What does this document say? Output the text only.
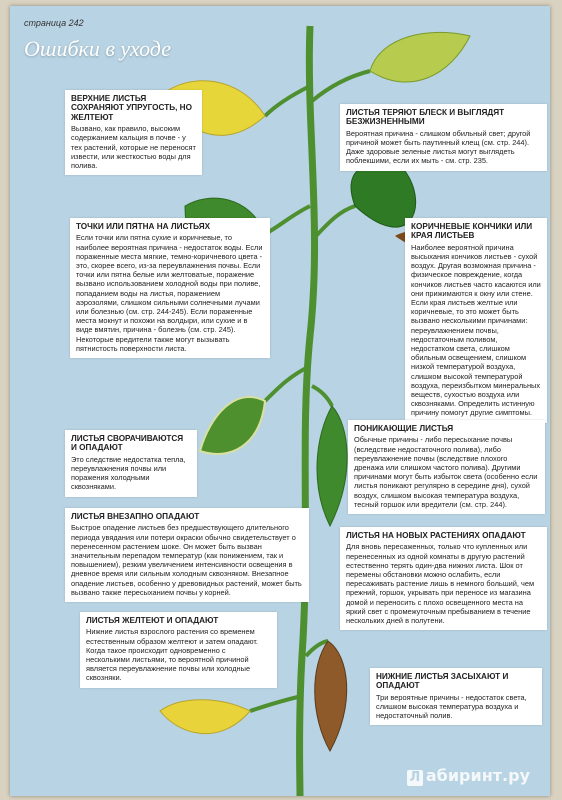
страница 242
Ошибки в уходе
ВЕРХНИЕ ЛИСТЬЯ СОХРАНЯЮТ УПРУГОСТЬ, НО ЖЕЛТЕЮТ

Вызвано, как правило, высоким содержанием кальция в почве - у тех растений, которые не переносят извести, или жесткостью воды для полива.

ЛИСТЬЯ ТЕРЯЮТ БЛЕСК И ВЫГЛЯДЯТ БЕЗЖИЗНЕННЫМИ

Вероятная причина - слишком обильный свет; другой причиной может быть паутинный клещ (см. стр. 244). Даже здоровые зеленые листья могут выглядеть поблекшими, если их мыть - см. стр. 235.

ТОЧКИ ИЛИ ПЯТНА НА ЛИСТЬЯХ

Если точки или пятна сухие и коричневые, то наиболее вероятная причина - недостаток воды. Если пораженные места мягкие, темно-коричневого цвета - это, скорее всего, из-за переувлажнения почвы. Если точки или пятна белые или желтоватые, поражение вызвано использованием холодной воды при поливе, попаданием воды на листья, поражением аэрозолями, слишком сильными солнечными лучами или болезнью (см. стр. 244-245). Если пораженные места мокнут и похожи на волдыри, или сухие и в виде вмятин, причина - болезнь (см. стр. 245). Некоторые вредители также могут вызывать пятнистость поверхности листа.

КОРИЧНЕВЫЕ КОНЧИКИ ИЛИ КРАЯ ЛИСТЬЕВ

Наиболее вероятной причина высыхания кончиков листьев - сухой воздух. Другая возможная причина - физическое повреждение, когда кончиков листьев часто касаются или они прижимаются к окну или стене. Если края листьев желтые или коричневые, то это может быть вызвано несколькими причинами: переувлажнением почвы, недостаточным поливом, недостатком света, слишком обильным освещением, слишком низкой температурой воздуха, слишком высокой температурой воздуха, переизбытком минеральных веществ, сухостью воздуха или сквозняками. Определить истинную причину помогут другие симптомы.

ЛИСТЬЯ СВОРАЧИВАЮТСЯ И ОПАДАЮТ

Это следствие недостатка тепла, переувлажнения почвы или поражения холодными сквозняками.

ПОНИКАЮЩИЕ ЛИСТЬЯ

Обычные причины - либо пересыхание почвы (вследствие недостаточного полива), либо переувлажнение почвы (вследствие плохого дренажа или слишком частого полива). Другими причинами могут быть избыток света (особенно если листья поникают регулярно в середине дня), сухой воздух, слишком высокая температура воздуха, тесный горшок или вредители (см. стр. 244).

ЛИСТЬЯ ВНЕЗАПНО ОПАДАЮТ

Быстрое опадение листьев без предшествующего длительного периода увядания или потери окраски обычно свидетельствует о перенесенном растением шоке. Он может быть вызван значительным перепадом температур (как понижением, так и повышением), резким увеличением интенсивности освещения в дневное время или сильным холодным сквозняком. Внезапное опадение листьев, особенно у древовидных растений, может быть вызвано также пересыханием почвы у корней.

ЛИСТЬЯ НА НОВЫХ РАСТЕНИЯХ ОПАДАЮТ

Для вновь пересаженных, только что купленных или перенесенных из одной комнаты в другую растений естественно терять один-два нижних листа. Шок от перемены обстановки можно ослабить, если пересаживать растение лишь в немного больший, чем прежний, горшок, укрывать при переносе из магазина домой и переносить с плохо освещенного места на яркий свет с промежуточным пребыванием в течение нескольких дней в полутени.

ЛИСТЬЯ ЖЕЛТЕЮТ И ОПАДАЮТ

Нижние листья взрослого растения со временем естественным образом желтеют и затем опадают. Когда такое происходит одновременно с несколькими листьями, то вероятной причиной является переувлажнение почвы или холодные сквозняки.	НИЖНИЕ ЛИСТЬЯ ЗАСЫХАЮТ И ОПАДАЮТ

Три вероятные причины - недостаток света, слишком высокая температура воздуха и недостаточный полив.

Л абиринт.ру
